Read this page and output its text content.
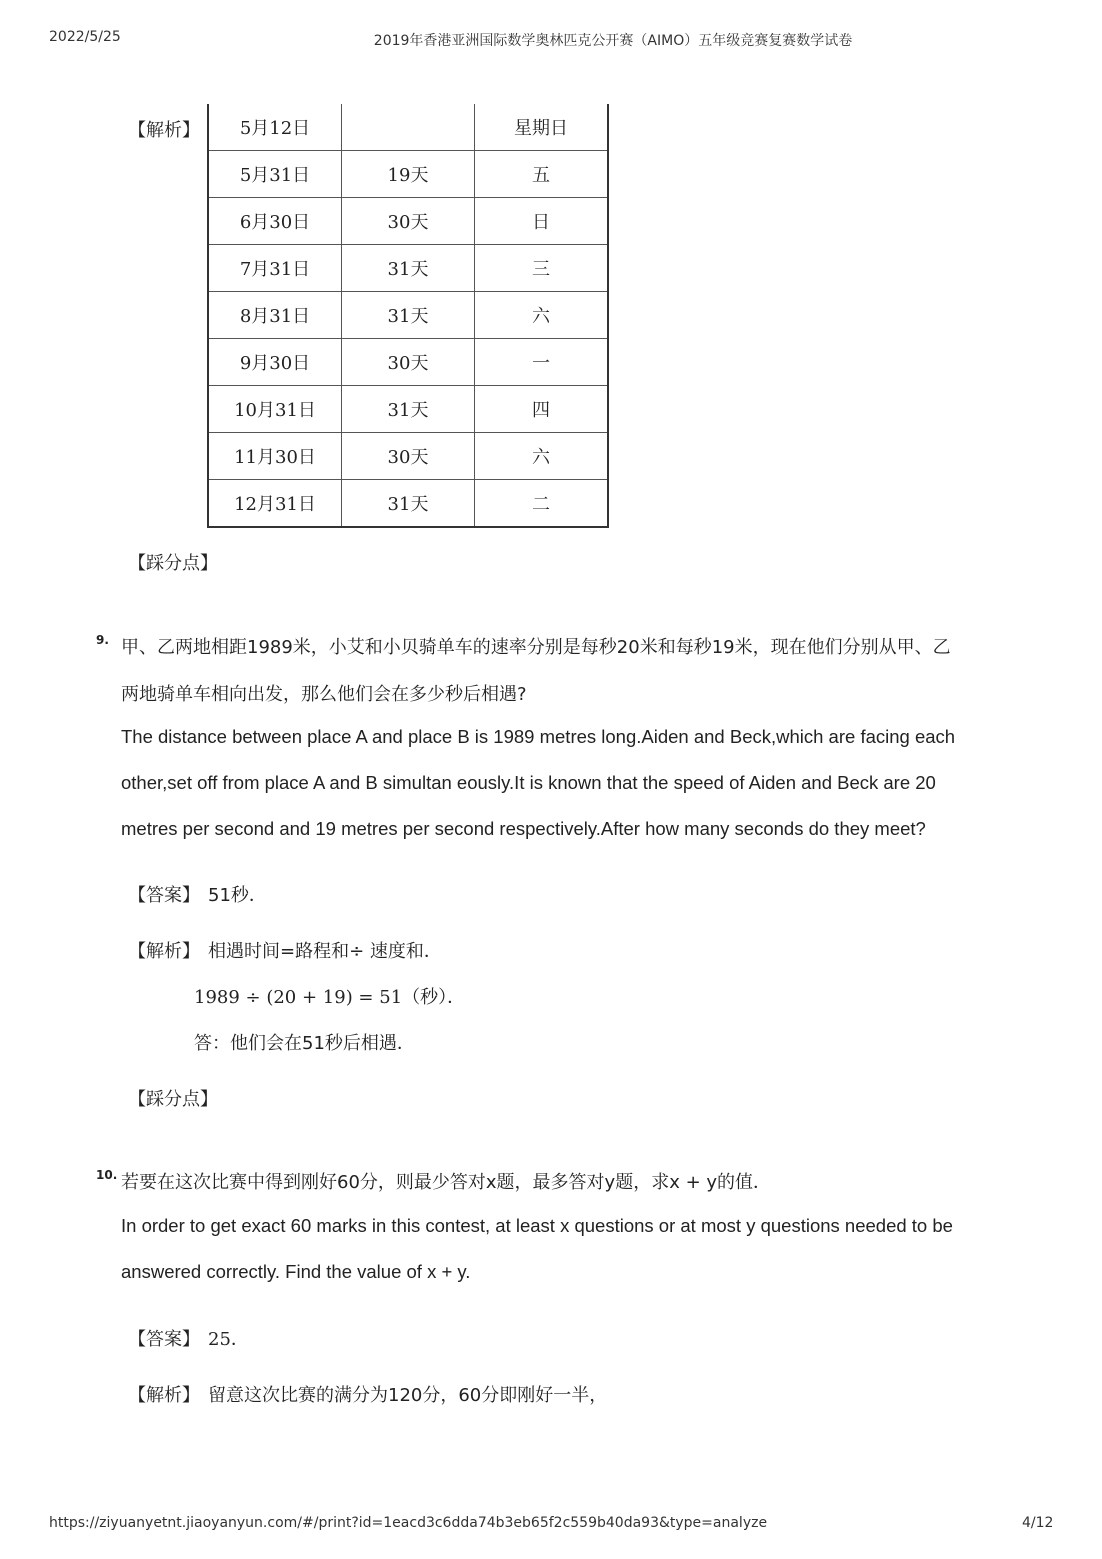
2022/5/25	2019年香港亚洲国际数学奥林匹克公开赛（AIMO）五年级竞赛复赛数学试卷
https://ziyuanyetnt.jiaoyanyun.com/#/print?id=1eacd3c6dda74b3eb65f2c559b40da93&type=analyze	4/12
【解析】 5月12日		星期日
5月31日	19天	五
6月30日	30天	日
7月31日	31天	三
8月31日	31天	六
9月30日	30天	一
10月31日	31天	四
11月30日	30天	六
12月31日	31天	二
【踩分点】
9. 甲、乙两地相距1989米，小艾和小贝骑单车的速率分别是每秒20米和每秒19米，现在他们分别从甲、乙
两地骑单车相向出发，那么他们会在多少秒后相遇?
The distance between place A and place B is 1989 metres long.Aiden and Beck,which are facing each
other,set off from place A and B simultan eously.It is known that the speed of Aiden and Beck are 20
metres per second and 19 metres per second respectively.After how many seconds do they meet?
【答案】 51秒．
【解析】 相遇时间=路程和÷ 速度和．
1989 ÷ (20 + 19) = 51（秒）．
答：他们会在51秒后相遇．
【踩分点】
10. 若要在这次比赛中得到刚好60分，则最少答对x题，最多答对y题，求x + y的值．
In order to get exact 60 marks in this contest, at least x questions or at most y questions needed to be
answered correctly. Find the value of x + y.
【答案】 25．
【解析】 留意这次比赛的满分为120分，60分即刚好一半，
